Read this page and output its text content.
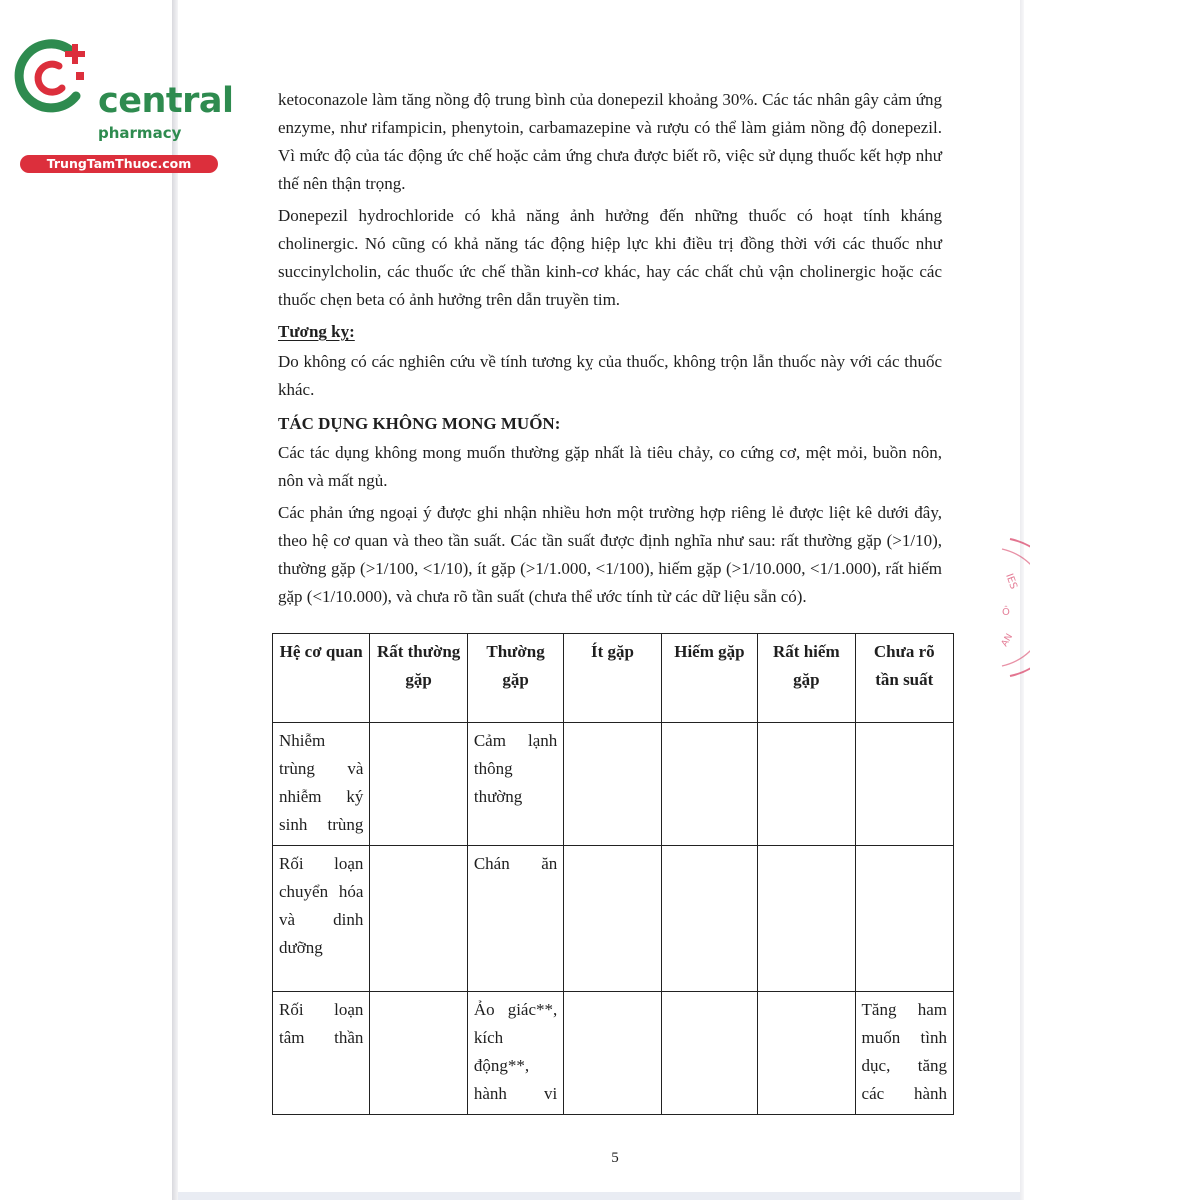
central
pharmacy
TrungTamThuoc.com
IES
Ô
AN

ketoconazole làm tăng nồng độ trung bình của donepezil khoảng 30%. Các tác nhân gây cảm ứng enzyme, như rifampicin, phenytoin, carbamazepine và rượu có thể làm giảm nồng độ donepezil. Vì mức độ của tác động ức chế hoặc cảm ứng chưa được biết rõ, việc sử dụng thuốc kết hợp như thế nên thận trọng.

Donepezil hydrochloride có khả năng ảnh hưởng đến những thuốc có hoạt tính kháng cholinergic. Nó cũng có khả năng tác động hiệp lực khi điều trị đồng thời với các thuốc như succinylcholin, các thuốc ức chế thần kinh-cơ khác, hay các chất chủ vận cholinergic hoặc các thuốc chẹn beta có ảnh hưởng trên dẫn truyền tim.

Tương kỵ:

Do không có các nghiên cứu về tính tương kỵ của thuốc, không trộn lẫn thuốc này với các thuốc khác.

TÁC DỤNG KHÔNG MONG MUỐN:

Các tác dụng không mong muốn thường gặp nhất là tiêu chảy, co cứng cơ, mệt mỏi, buồn nôn, nôn và mất ngủ.

Các phản ứng ngoại ý được ghi nhận nhiều hơn một trường hợp riêng lẻ được liệt kê dưới đây, theo hệ cơ quan và theo tần suất. Các tần suất được định nghĩa như sau: rất thường gặp (>1/10), thường gặp (>1/100, <1/10), ít gặp (>1/1.000, <1/100), hiếm gặp (>1/10.000, <1/1.000), rất hiếm gặp (<1/10.000), và chưa rõ tần suất (chưa thể ước tính từ các dữ liệu sẵn có).

Hệ cơ quan	Rất thường gặp	Thường gặp	Ít gặp	Hiếm gặp	Rất hiếm gặp	Chưa rõ tần suất
Nhiễm trùng và nhiễm ký sinh trùng		Cảm lạnh thông thường				
Rối loạn chuyển hóa và dinh dưỡng		Chán ăn				
Rối loạn tâm thần		Ảo giác**, kích động**, hành vi				Tăng ham muốn tình dục, tăng các hành
5
